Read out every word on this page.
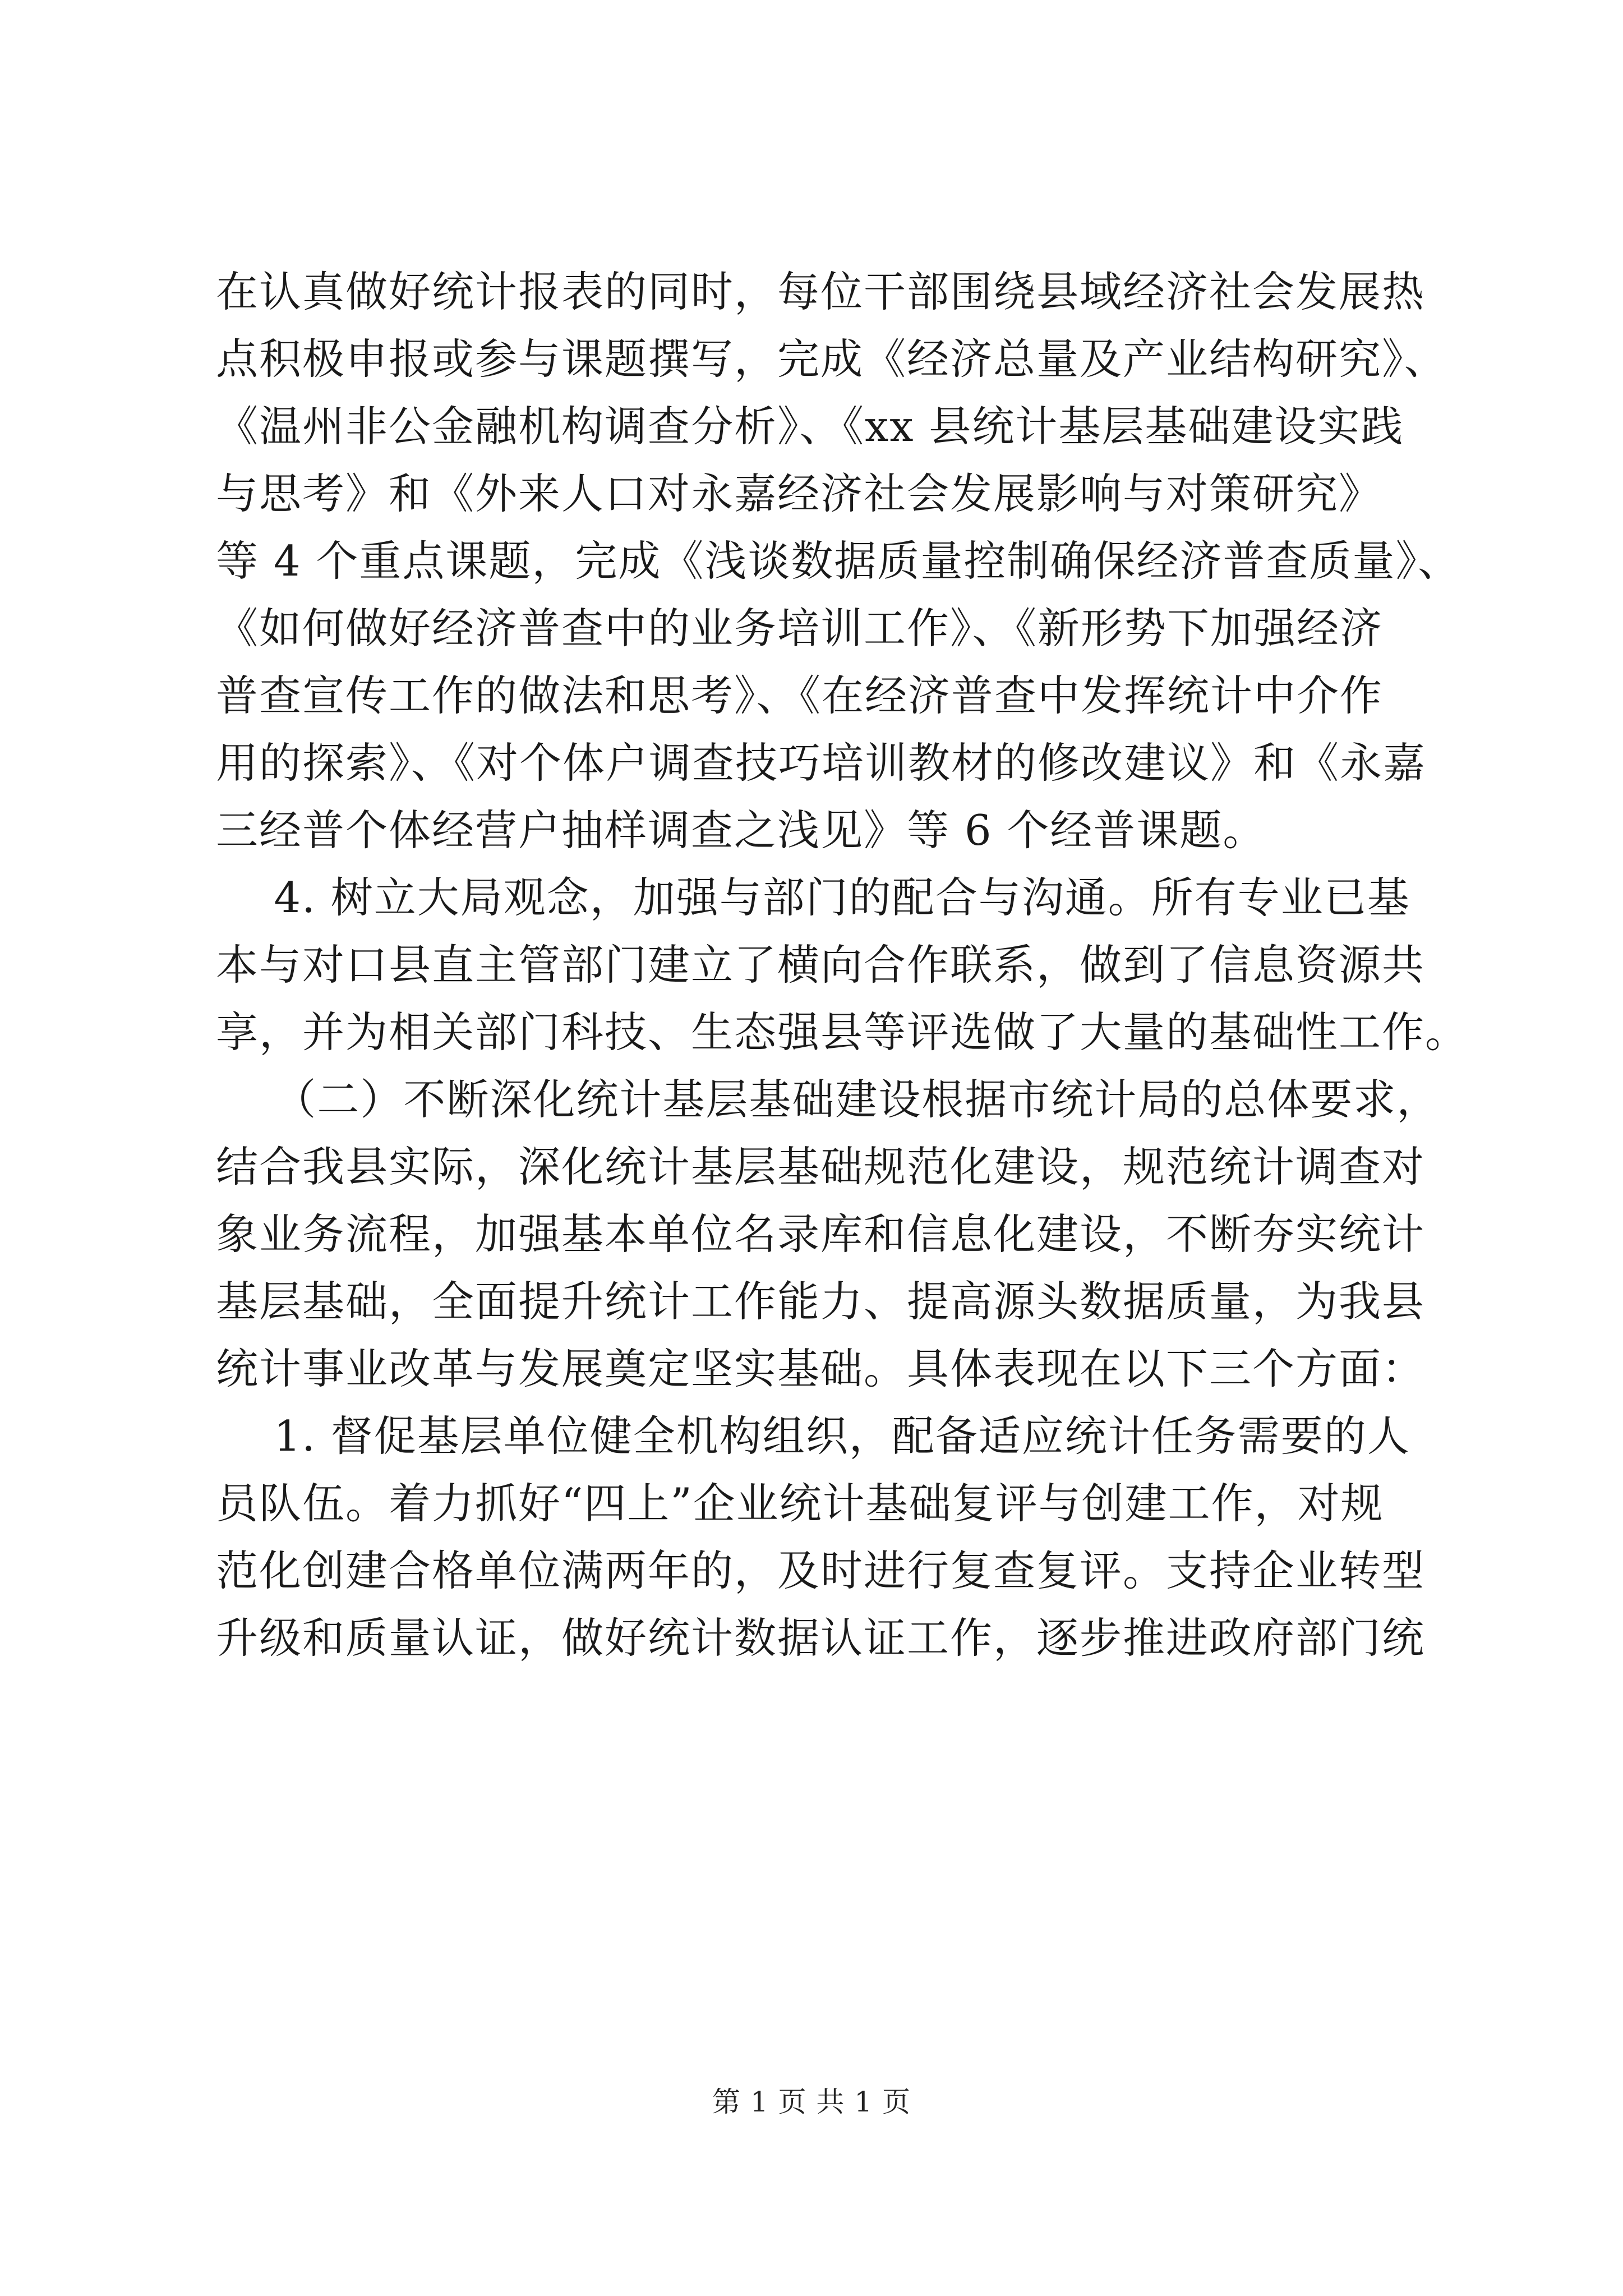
在认真做好统计报表的同时，每位干部围绕县域经济社会发展热
点积极申报或参与课题撰写，完成《经济总量及产业结构研究》、
《温州非公金融机构调查分析》、《xx 县统计基层基础建设实践
与思考》和《外来人口对永嘉经济社会发展影响与对策研究》
等 4 个重点课题，完成《浅谈数据质量控制确保经济普查质量》、
《如何做好经济普查中的业务培训工作》、《新形势下加强经济
普查宣传工作的做法和思考》、《在经济普查中发挥统计中介作
用的探索》、《对个体户调查技巧培训教材的修改建议》和《永嘉
三经普个体经营户抽样调查之浅见》等 6 个经普课题。
4. 树立大局观念，加强与部门的配合与沟通。所有专业已基
本与对口县直主管部门建立了横向合作联系，做到了信息资源共
享，并为相关部门科技、生态强县等评选做了大量的基础性工作。
（二）不断深化统计基层基础建设根据市统计局的总体要求，
结合我县实际，深化统计基层基础规范化建设，规范统计调查对
象业务流程，加强基本单位名录库和信息化建设，不断夯实统计
基层基础，全面提升统计工作能力、提高源头数据质量，为我县
统计事业改革与发展奠定坚实基础。具体表现在以下三个方面：
1. 督促基层单位健全机构组织，配备适应统计任务需要的人
员队伍。着力抓好“四上”企业统计基础复评与创建工作，对规
范化创建合格单位满两年的，及时进行复查复评。支持企业转型
升级和质量认证，做好统计数据认证工作，逐步推进政府部门统
第 1 页 共 1 页
